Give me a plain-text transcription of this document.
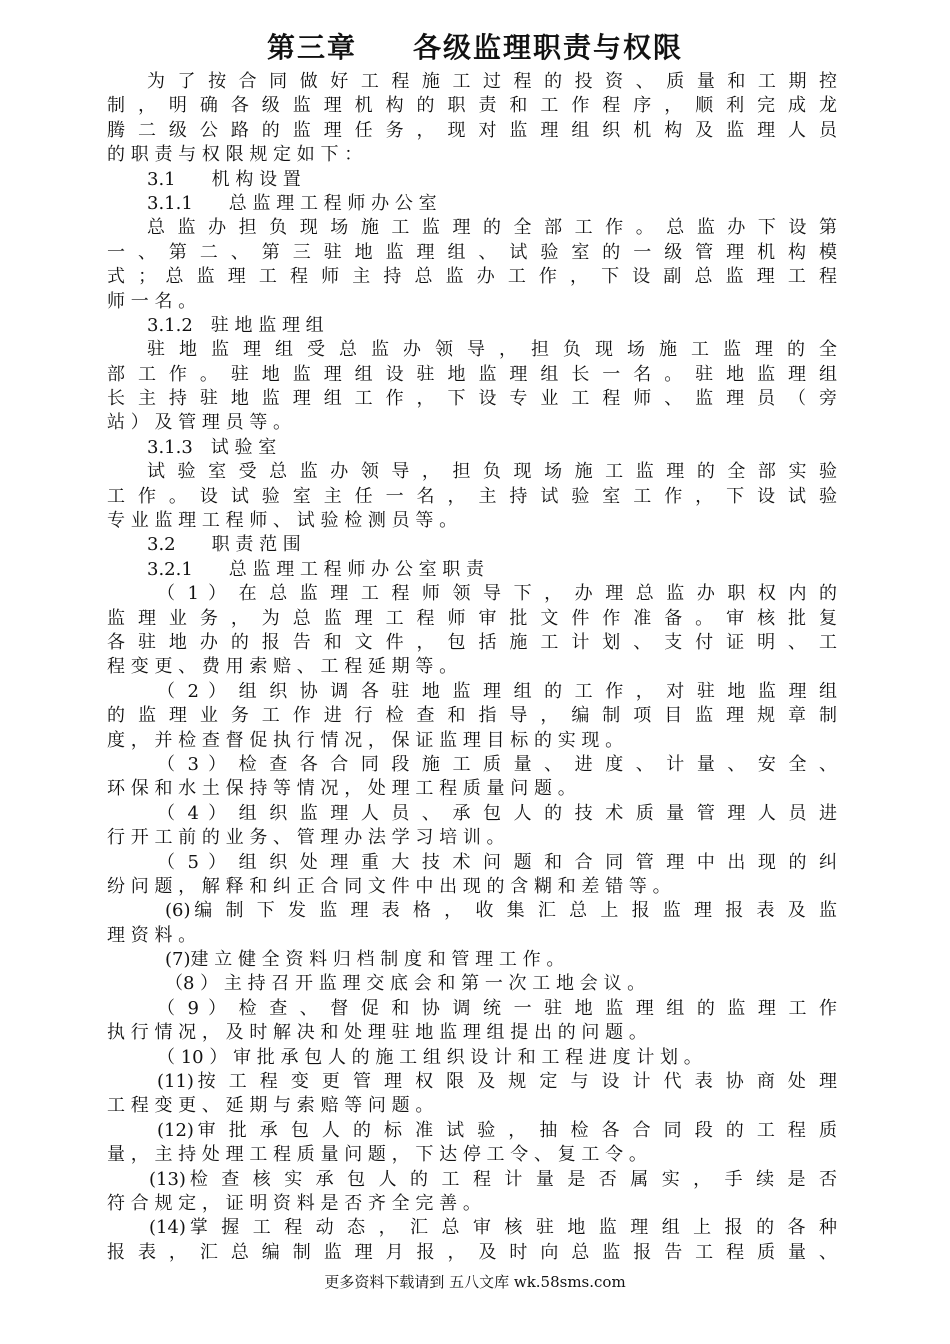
第三章 各级监理职责与权限
为 了 按 合 同 做 好 工 程 施 工 过 程 的 投 资 、 质 量 和 工 期 控
制 ， 明 确 各 级 监 理 机 构 的 职 责 和 工 作 程 序 ， 顺 利 完 成 龙
腾 二 级 公 路 的 监 理 任 务 ， 现 对 监 理 组 织 机 构 及 监 理 人 员
的 职 责 与 权 限 规 定 如 下 ：
3.1　　机 构 设 置
3.1.1　　总 监 理 工 程 师 办 公 室
总 监 办 担 负 现 场 施 工 监 理 的 全 部 工 作 。 总 监 办 下 设 第
一 、 第 二 、 第 三 驻 地 监 理 组 、 试 验 室 的 一 级 管 理 机 构 模
式 ； 总 监 理 工 程 师 主 持 总 监 办 工 作 ， 下 设 副 总 监 理 工 程
师 一 名 。
3.1.2　驻 地 监 理 组
驻 地 监 理 组 受 总 监 办 领 导 ， 担 负 现 场 施 工 监 理 的 全
部 工 作 。 驻 地 监 理 组 设 驻 地 监 理 组 长 一 名 。 驻 地 监 理 组
长 主 持 驻 地 监 理 组 工 作 ， 下 设 专 业 工 程 师 、 监 理 员 （ 旁
站 ） 及 管 理 员 等 。
3.1.3　试 验 室
试 验 室 受 总 监 办 领 导 ， 担 负 现 场 施 工 监 理 的 全 部 实 验
工 作 。 设 试 验 室 主 任 一 名 ， 主 持 试 验 室 工 作 ， 下 设 试 验
专 业 监 理 工 程 师 、 试 验 检 测 员 等 。
3.2　　职 责 范 围
3.2.1　　总 监 理 工 程 师 办 公 室 职 责
（ 1 ） 在 总 监 理 工 程 师 领 导 下 ， 办 理 总 监 办 职 权 内 的
监 理 业 务 ， 为 总 监 理 工 程 师 审 批 文 件 作 准 备 。 审 核 批 复
各 驻 地 办 的 报 告 和 文 件 ， 包 括 施 工 计 划 、 支 付 证 明 、 工
程 变 更 、 费 用 索 赔 、 工 程 延 期 等 。
（ 2 ） 组 织 协 调 各 驻 地 监 理 组 的 工 作 ， 对 驻 地 监 理 组
的 监 理 业 务 工 作 进 行 检 查 和 指 导 ， 编 制 项 目 监 理 规 章 制
度 ， 并 检 查 督 促 执 行 情 况 ， 保 证 监 理 目 标 的 实 现 。
（ 3 ） 检 查 各 合 同 段 施 工 质 量 、 进 度 、 计 量 、 安 全 、
环 保 和 水 土 保 持 等 情 况 ， 处 理 工 程 质 量 问 题 。
（ 4 ） 组 织 监 理 人 员 、 承 包 人 的 技 术 质 量 管 理 人 员 进
行 开 工 前 的 业 务 、 管 理 办 法 学 习 培 训 。
（ 5 ） 组 织 处 理 重 大 技 术 问 题 和 合 同 管 理 中 出 现 的 纠
纷 问 题 ， 解 释 和 纠 正 合 同 文 件 中 出 现 的 含 糊 和 差 错 等 。
(6)编 制 下 发 监 理 表 格 ， 收 集 汇 总 上 报 监 理 报 表 及 监
理 资 料 。
(7)建 立 健 全 资 料 归 档 制 度 和 管 理 工 作 。
（8 ） 主 持 召 开 监 理 交 底 会 和 第 一 次 工 地 会 议 。
（ 9 ） 检 查 、 督 促 和 协 调 统 一 驻 地 监 理 组 的 监 理 工 作
执 行 情 况 ， 及 时 解 决 和 处 理 驻 地 监 理 组 提 出 的 问 题 。
（ 10 ） 审 批 承 包 人 的 施 工 组 织 设 计 和 工 程 进 度 计 划 。
(11)按 工 程 变 更 管 理 权 限 及 规 定 与 设 计 代 表 协 商 处 理
工 程 变 更 、 延 期 与 索 赔 等 问 题 。
(12)审 批 承 包 人 的 标 准 试 验 ， 抽 检 各 合 同 段 的 工 程 质
量 ， 主 持 处 理 工 程 质 量 问 题 ， 下 达 停 工 令 、 复 工 令 。
(13)检 查 核 实 承 包 人 的 工 程 计 量 是 否 属 实 ， 手 续 是 否
符 合 规 定 ， 证 明 资 料 是 否 齐 全 完 善 。
(14)掌 握 工 程 动 态 ， 汇 总 审 核 驻 地 监 理 组 上 报 的 各 种
报 表 ， 汇 总 编 制 监 理 月 报 ， 及 时 向 总 监 报 告 工 程 质 量 、
更多资料下载请到 五八文库 wk.58sms.com
